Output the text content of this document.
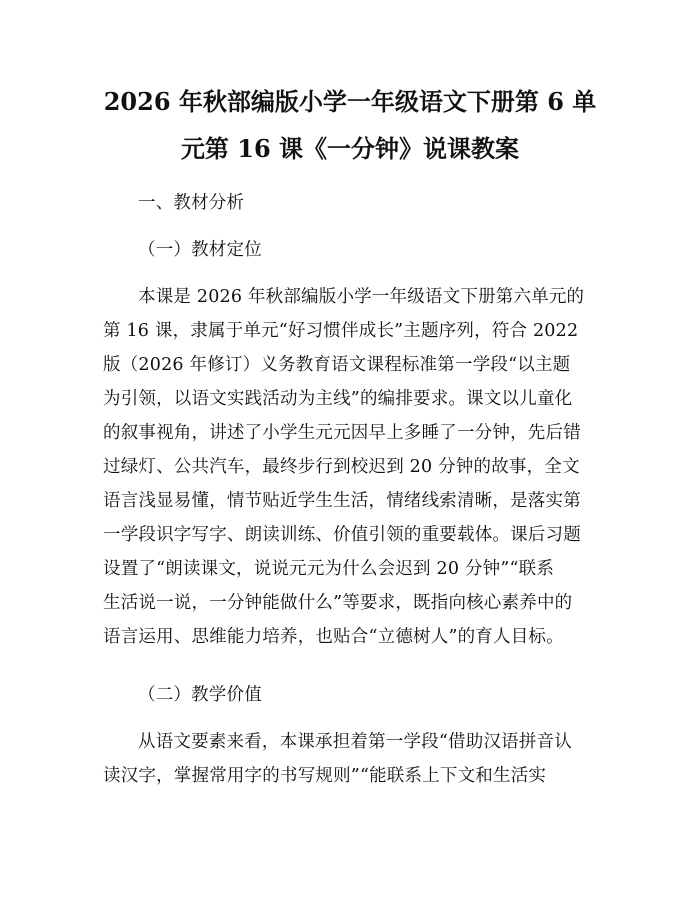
2026 年秋部编版小学一年级语文下册第 6 单
元第 16 课《一分钟》说课教案
一、教材分析
（一）教材定位
本课是 2026 年秋部编版小学一年级语文下册第六单元的
第 16 课，隶属于单元“好习惯伴成长”主题序列，符合 2022
版（2026 年修订）义务教育语文课程标准第一学段“以主题
为引领，以语文实践活动为主线”的编排要求。课文以儿童化
的叙事视角，讲述了小学生元元因早上多睡了一分钟，先后错
过绿灯、公共汽车，最终步行到校迟到 20 分钟的故事，全文
语言浅显易懂，情节贴近学生生活，情绪线索清晰，是落实第
一学段识字写字、朗读训练、价值引领的重要载体。课后习题
设置了“朗读课文，说说元元为什么会迟到 20 分钟”“联系
生活说一说，一分钟能做什么”等要求，既指向核心素养中的
语言运用、思维能力培养，也贴合“立德树人”的育人目标。
（二）教学价值
从语文要素来看，本课承担着第一学段“借助汉语拼音认
读汉字，掌握常用字的书写规则”“能联系上下文和生活实
